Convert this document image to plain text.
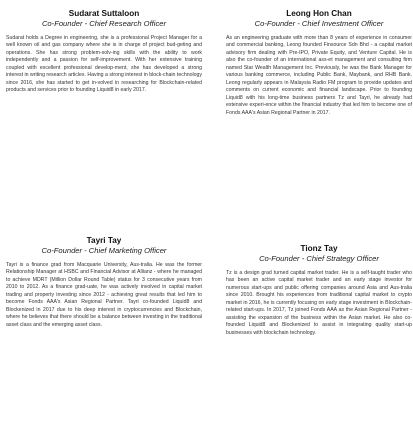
Sudarat Suttaloon
Co-Founder - Chief Research Officer
Sudarat holds a Degree in engineering, she is a professional Project Manager for a well known oil and gas company where she is in charge of project bud-geting and operations. She has strong problem-solv-ing skills with the ability to work independently and a passion for self-improvement. With her extensive training coupled with excellent professional develop-ment, she has developed a strong interest in writing research articles. Having a strong interest in block-chain technology since 2016, she has started to get in-volved in researching for Blockchain-related products and services prior to founding Liquid8 in early 2017.
Leong Hon Chan
Co-Founder - Chief Investment Officer
As an engineering graduate with more than 8 years of experience in consumer and commercial banking, Leong founded Finsource Sdn Bhd - a capital market advisory firm dealing with Pre-IPO, Private Equity, and Venture Capital. He is also the co-founder of an international ass-et management and consulting firm named Star Wealth Management Inc. Previously, he was the Bank Manager for various banking commerce, including Public Bank, Maybank, and RHB Bank. Leong regularly appears in Malaysia Radio FM program to provide updates and comments on current economic and financial landscape. Prior to founding Liquid8 with his long-time business partners Tz and Tayri, he already had extensive experi-ence within the financial industry that led him to become one of Fonds AAA's Asian Regional Partner in 2017.
Tayri Tay
Co-Founder - Chief Marketing Officer
Tayri is a finance grad from Macquarie University, Aus-tralia. He was the former Relationship Manager at HSBC and Financial Advisor at Allianz - where he managed to achieve MDRT (Million Dollar Round Table) status for 3 consecutive years from 2010 to 2012. As a finance grad-uate, he was actively involved in capital market trading and property investing since 2012 - achieving great results that led him to become Fonds AAA's Asian Regional Partner. Tayri co-founded Liquid8 and Blockenized in 2017 due to his deep interest in cryptocurrencies and Blockchain, where he believes that there should be a balance between investing in the traditional asset class and the emerging asset class.
Tionz Tay
Co-Founder - Chief Strategy Officer
Tz is a design grad turned capital market trader. He is a self-taught trader who has been an active capital market trader and an early stage investor for numerous start-ups and public offering companies around Asia and Aus-tralia since 2010. Brought his experiences from traditional capital market to crypto market in 2016, he is currently focusing on early stage investment in Blockchain-related start-ups. In 2017, Tz joined Fonds AAA as the Asian Regional Partner - assisting the expansion of the business within the Asian market. He also co-founded Liquid8 and Blockenized to assist in integrating quality start-up businesses with blockchain technology.
